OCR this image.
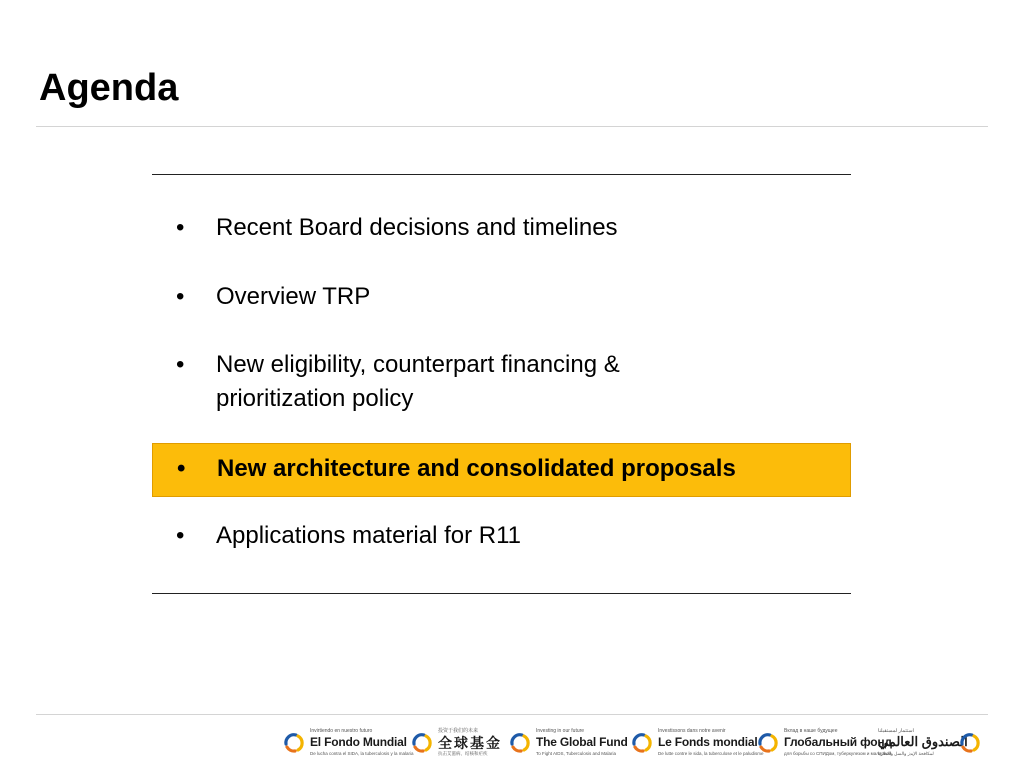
Agenda
•	Recent Board decisions and timelines
•	Overview TRP
•	New eligibility, counterpart financing & prioritization policy
•	New architecture and consolidated proposals
•	Applications material for R11
Invirtiendo en nuestro futuro
El Fondo Mundial
De lucha contra el SIDA, la tuberculosis y la malaria
投资于我们的未来
全球基金
抗击艾滋病、结核和疟疾
Investing in our future
The Global Fund
To Fight AIDS, Tuberculosis and Malaria
Investissons dans notre avenir
Le Fonds mondial
De lutte contre le sida, la tuberculose et le paludisme
Вклад в наше будущее
Глобальный фонд
для борьбы со СПИДом, туберкулезом и малярией
استثمار لمستقبلنا
الصندوق العالمي
لمكافحة الإيدز والسل والملاريا
